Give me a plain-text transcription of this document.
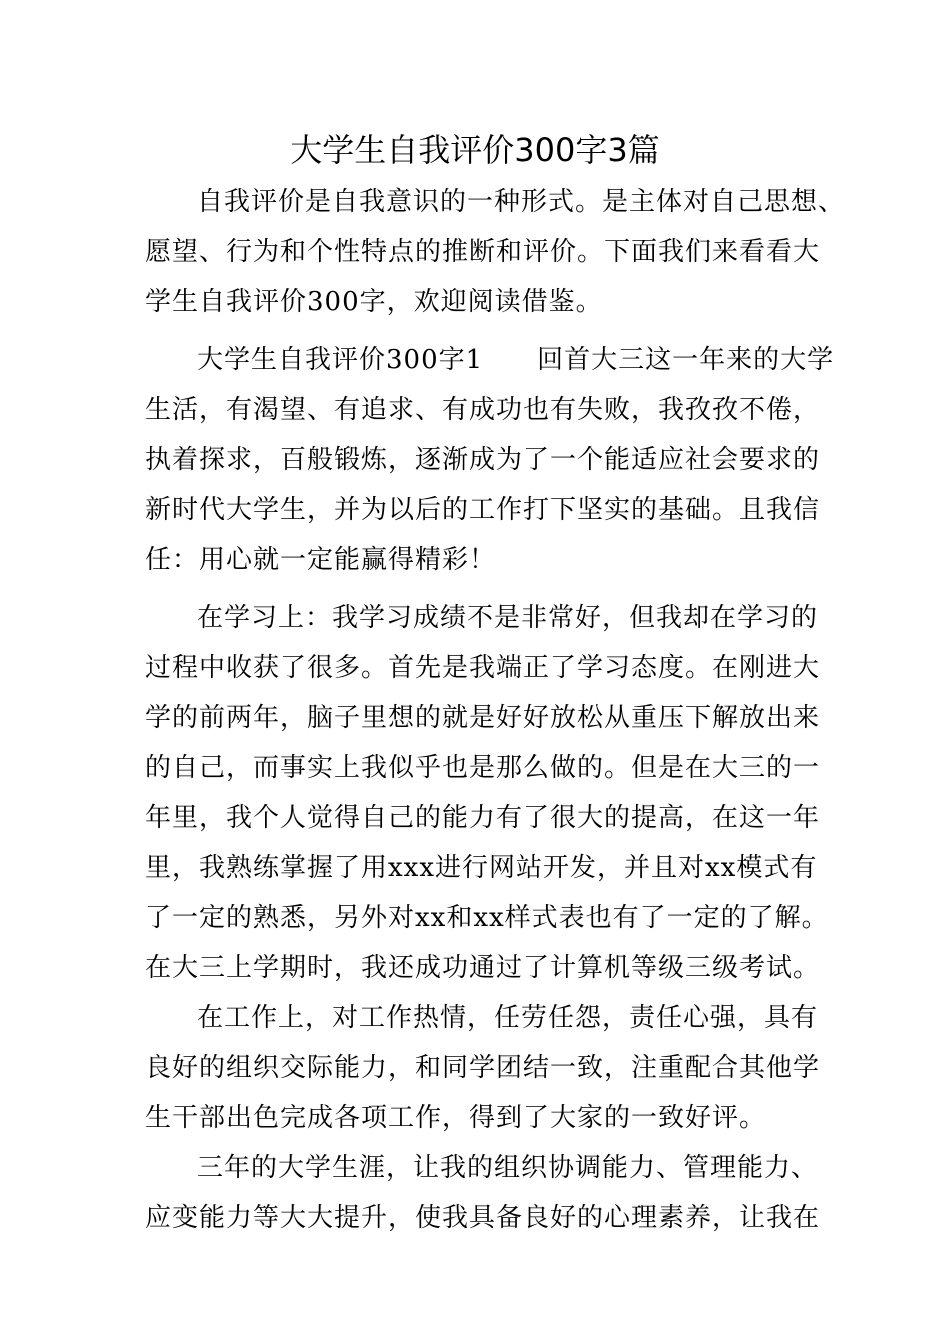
大学生自我评价300字3篇

自我评价是自我意识的一种形式。是主体对自己思想、
愿望、行为和个性特点的推断和评价。下面我们来看看大
学生自我评价300字，欢迎阅读借鉴。

大学生自我评价300字1　　回首大三这一年来的大学
生活，有渴望、有追求、有成功也有失败，我孜孜不倦，
执着探求，百般锻炼，逐渐成为了一个能适应社会要求的
新时代大学生，并为以后的工作打下坚实的基础。且我信
任：用心就一定能赢得精彩！

在学习上：我学习成绩不是非常好，但我却在学习的
过程中收获了很多。首先是我端正了学习态度。在刚进大
学的前两年，脑子里想的就是好好放松从重压下解放出来
的自己，而事实上我似乎也是那么做的。但是在大三的一
年里，我个人觉得自己的能力有了很大的提高，在这一年
里，我熟练掌握了用xxx进行网站开发，并且对xx模式有
了一定的熟悉，另外对xx和xx样式表也有了一定的了解。
在大三上学期时，我还成功通过了计算机等级三级考试。

在工作上，对工作热情，任劳任怨，责任心强，具有
良好的组织交际能力，和同学团结一致，注重配合其他学
生干部出色完成各项工作，得到了大家的一致好评。

三年的大学生涯，让我的组织协调能力、管理能力、
应变能力等大大提升，使我具备良好的心理素养，让我在
